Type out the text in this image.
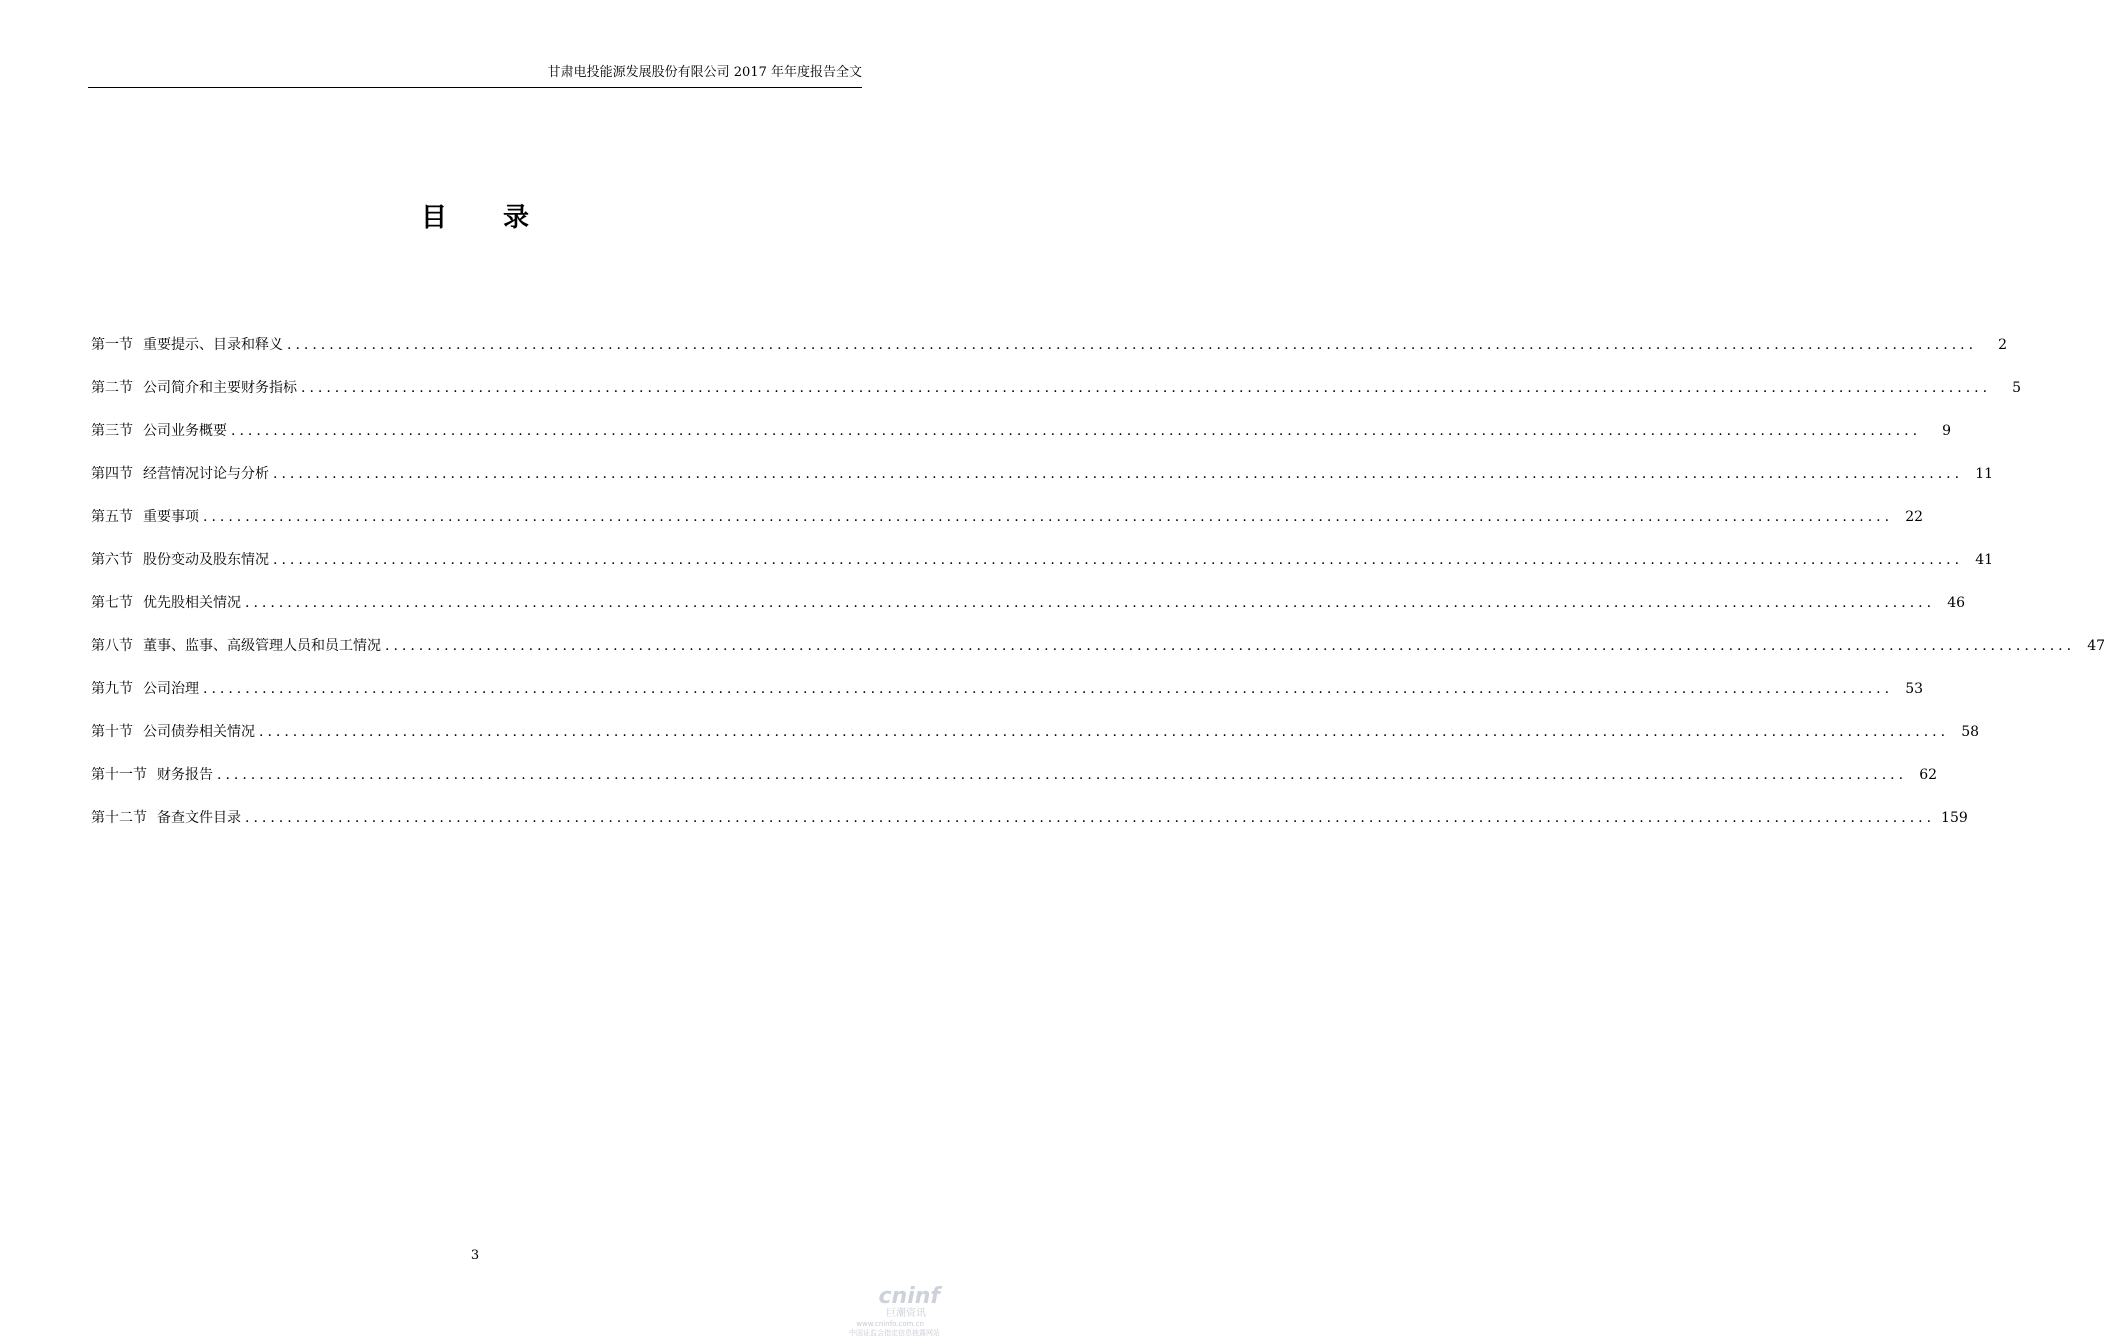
甘肃电投能源发展股份有限公司 2017 年年度报告全文
目录
第一节 重要提示、目录和释义 ........................................................................................................................................................................................................	2
第二节 公司简介和主要财务指标 ........................................................................................................................................................................................................	5
第三节 公司业务概要 ........................................................................................................................................................................................................	9
第四节 经营情况讨论与分析 ........................................................................................................................................................................................................ 11
第五节 重要事项 ........................................................................................................................................................................................................ 22
第六节 股份变动及股东情况 ........................................................................................................................................................................................................ 41
第七节 优先股相关情况 ........................................................................................................................................................................................................ 46
第八节 董事、监事、高级管理人员和员工情况 ........................................................................................................................................................................................................ 47
第九节 公司治理 ........................................................................................................................................................................................................ 53
第十节 公司债券相关情况 ........................................................................................................................................................................................................ 58
第十一节 财务报告 ........................................................................................................................................................................................................ 62
第十二节 备查文件目录 ........................................................................................................................................................................................................ 159
3
cninf
巨潮资讯
www.cninfo.com.cn
中国证监会指定信息披露网站
